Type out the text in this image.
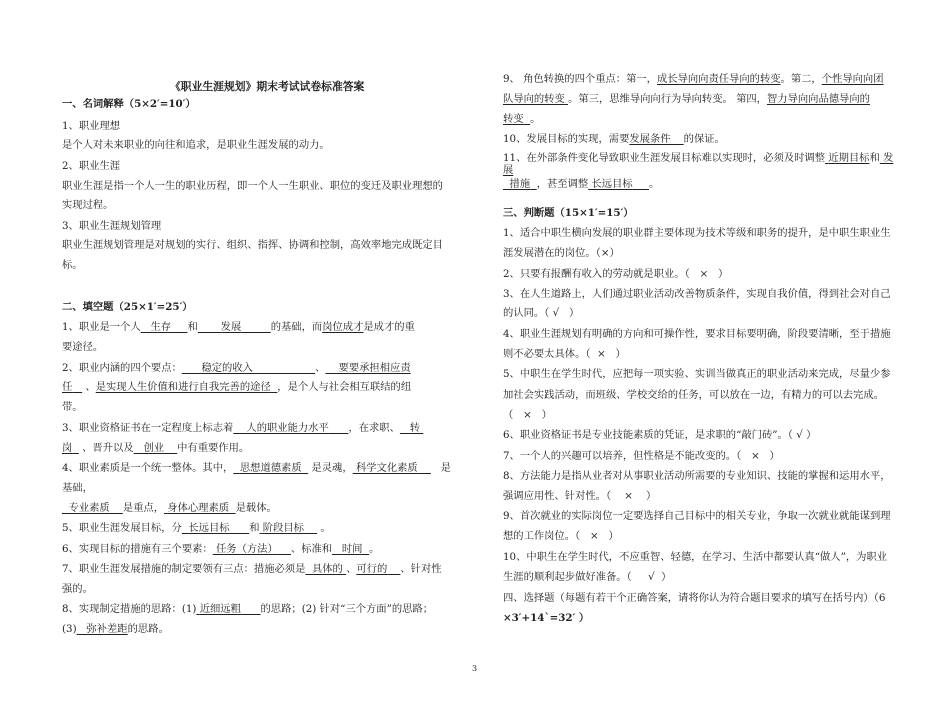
《职业生涯规划》期末考试试卷标准答案
一、名词解释（5×2′=10′）
1、职业理想
是个人对未来职业的向往和追求，是职业生涯发展的动力。
2、职业生涯
职业生涯是指一个人一生的职业历程，即一个人一生职业、职位的变迁及职业理想的
实现过程。
3、职业生涯规划管理
职业生涯规划管理是对规划的实行、组织、指挥、协调和控制，高效率地完成既定目
标。
二、填空题（25×1′=25′）
1、职业是一个人 生存 和 发展	的基础，而岗位成才是成才的重
要途径。
2、职业内涵的四个要点： 稳定的收入	、 要要承担相应责
任 、是实现人生价值和进行自我完善的途径 ，是个人与社会相互联结的纽
带。
3、职业资格证书在一定程度上标志着 人的职业能力水平 ，在求职、 转
岗 、晋升以及 创业 中有重要作用。
4、职业素质是一个统一整体。其中， 思想道德素质 是灵魂， 科学文化素质 是
基础，
专业素质 是重点， 身体心理素质 是载体。
5、职业生涯发展目标，分 长远目标 和 阶段目标 。
6、实现目标的措施有三个要素： 任务（方法） 、标准和 时间 。
7、职业生涯发展措施的制定要领有三点：措施必须是 具体的 、可行的 、针对性
强的。
8、实现制定措施的思路：(1) 近细远粗 的思路；(2) 针对“三个方面”的思路；
(3) 弥补差距的思路。
9、 角色转换的四个重点：第一，成长导向向责任导向的转变。第二，个性导向向团
队导向的转变 。第三，思维导向向行为导向转变。 第四，智力导向向品德导向的
转变 。
10、发展目标的实现，需要发展条件 的保证。
11、在外部条件变化导致职业生涯发展目标难以实现时，必须及时调整 近期目标和 发
展
措施 ，甚至调整 长远目标 。
三、判断题（15×1′=15′）
1、适合中职生横向发展的职业群主要体现为技术等级和职务的提升，是中职生职业生
涯发展潜在的岗位。（×）
2、只要有报酬有收入的劳动就是职业。（   ×   ）
3、在人生道路上，人们通过职业活动改善物质条件，实现自我价值，得到社会对自己
的认同。（ √   ）
4、职业生涯规划有明确的方向和可操作性，要求目标要明确，阶段要清晰，至于措施
则不必要太具体。（  ×   ）
5、中职生在学生时代，应把每一项实验、实训当做真正的职业活动来完成，尽量少参
加社会实践活动，而班级、学校交给的任务，可以放在一边，有精力的可以去完成。
（   ×   ）
6、职业资格证书是专业技能素质的凭证，是求职的“敲门砖”。（ √ ）
7、一个人的兴趣可以培养，但性格是不能改变的。（   ×   ）
8、方法能力是指从业者对从事职业活动所需要的专业知识、技能的掌握和运用水平，
强调应用性、针对性。（    ×    ）
9、首次就业的实际岗位一定要选择自己目标中的相关专业，争取一次就业就能谋到理
想的工作岗位。（   ×   ）
10、中职生在学生时代，不应重智、轻德，在学习、生活中都要认真“做人”，为职业
生涯的顺利起步做好准备。（     √  ）
四、选择题（每题有若干个正确答案，请将你认为符合题目要求的填写在括号内）（6
×3′+14`=32′ ）
3
